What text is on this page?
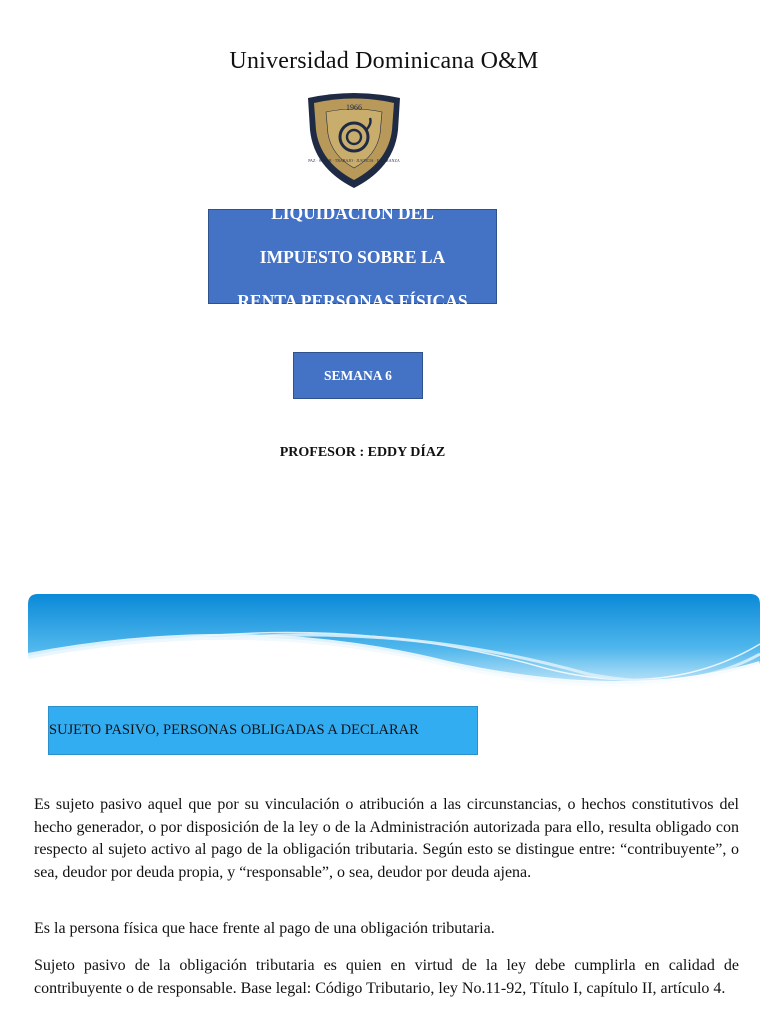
Universidad Dominicana O&M
1966
PAZ · SABER · TRABAJO · JUSTICIA · ESPERANZA

LIQUIDACIÓN DEL

IMPUESTO SOBRE LA

RENTA PERSONAS FÍSICAS

SEMANA 6
PROFESOR : EDDY DÍAZ
SUJETO PASIVO, PERSONAS OBLIGADAS A DECLARAR

Es sujeto pasivo aquel que por su vinculación o atribución a las circunstancias, o hechos constitutivos del hecho generador, o por disposición de la ley o de la Administración autorizada para ello, resulta obligado con respecto al sujeto activo al pago de la obligación tributaria. Según esto se distingue entre: “contribuyente”, o sea, deudor por deuda propia, y “responsable”, o sea, deudor por deuda ajena.

Es la persona física que hace frente al pago de una obligación tributaria.

Sujeto pasivo de la obligación tributaria es quien en virtud de la ley debe cumplirla en calidad de contribuyente o de responsable. Base legal: Código Tributario, ley No.11-92, Título I, capítulo II, artículo 4.
